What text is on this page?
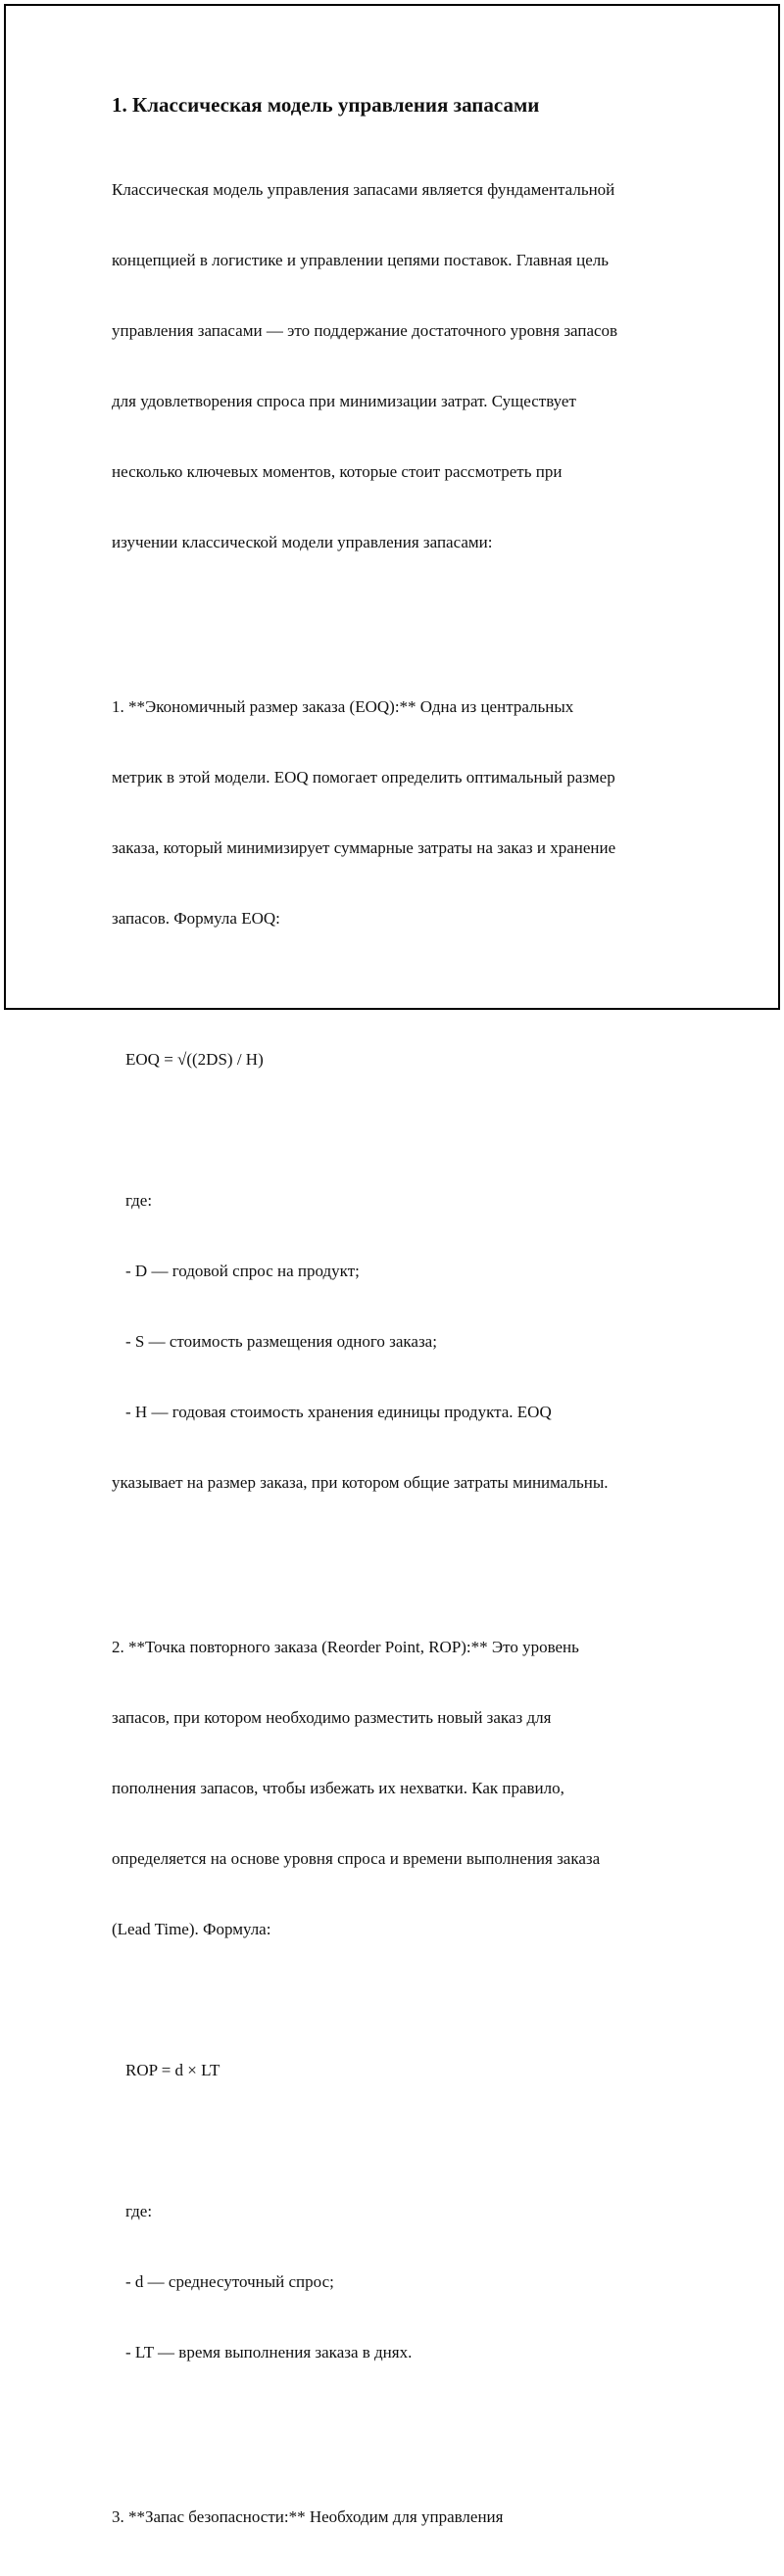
1. Классическая модель управления запасами

Классическая модель управления запасами является фундаментальной

концепцией в логистике и управлении цепями поставок. Главная цель

управления запасами — это поддержание достаточного уровня запасов

для удовлетворения спроса при минимизации затрат. Существует

несколько ключевых моментов, которые стоит рассмотреть при

изучении классической модели управления запасами:

1. **Экономичный размер заказа (EOQ):** Одна из центральных

метрик в этой модели. EOQ помогает определить оптимальный размер

заказа, который минимизирует суммарные затраты на заказ и хранение

запасов. Формула EOQ:

EOQ = √((2DS) / H)

где:

- D — годовой спрос на продукт;

- S — стоимость размещения одного заказа;

- H — годовая стоимость хранения единицы продукта. EOQ

указывает на размер заказа, при котором общие затраты минимальны.

2. **Точка повторного заказа (Reorder Point, ROP):** Это уровень

запасов, при котором необходимо разместить новый заказ для

пополнения запасов, чтобы избежать их нехватки. Как правило,

определяется на основе уровня спроса и времени выполнения заказа

(Lead Time). Формула:

ROP = d × LT

где:

- d — среднесуточный спрос;

- LT — время выполнения заказа в днях.

3. **Запас безопасности:** Необходим для управления
